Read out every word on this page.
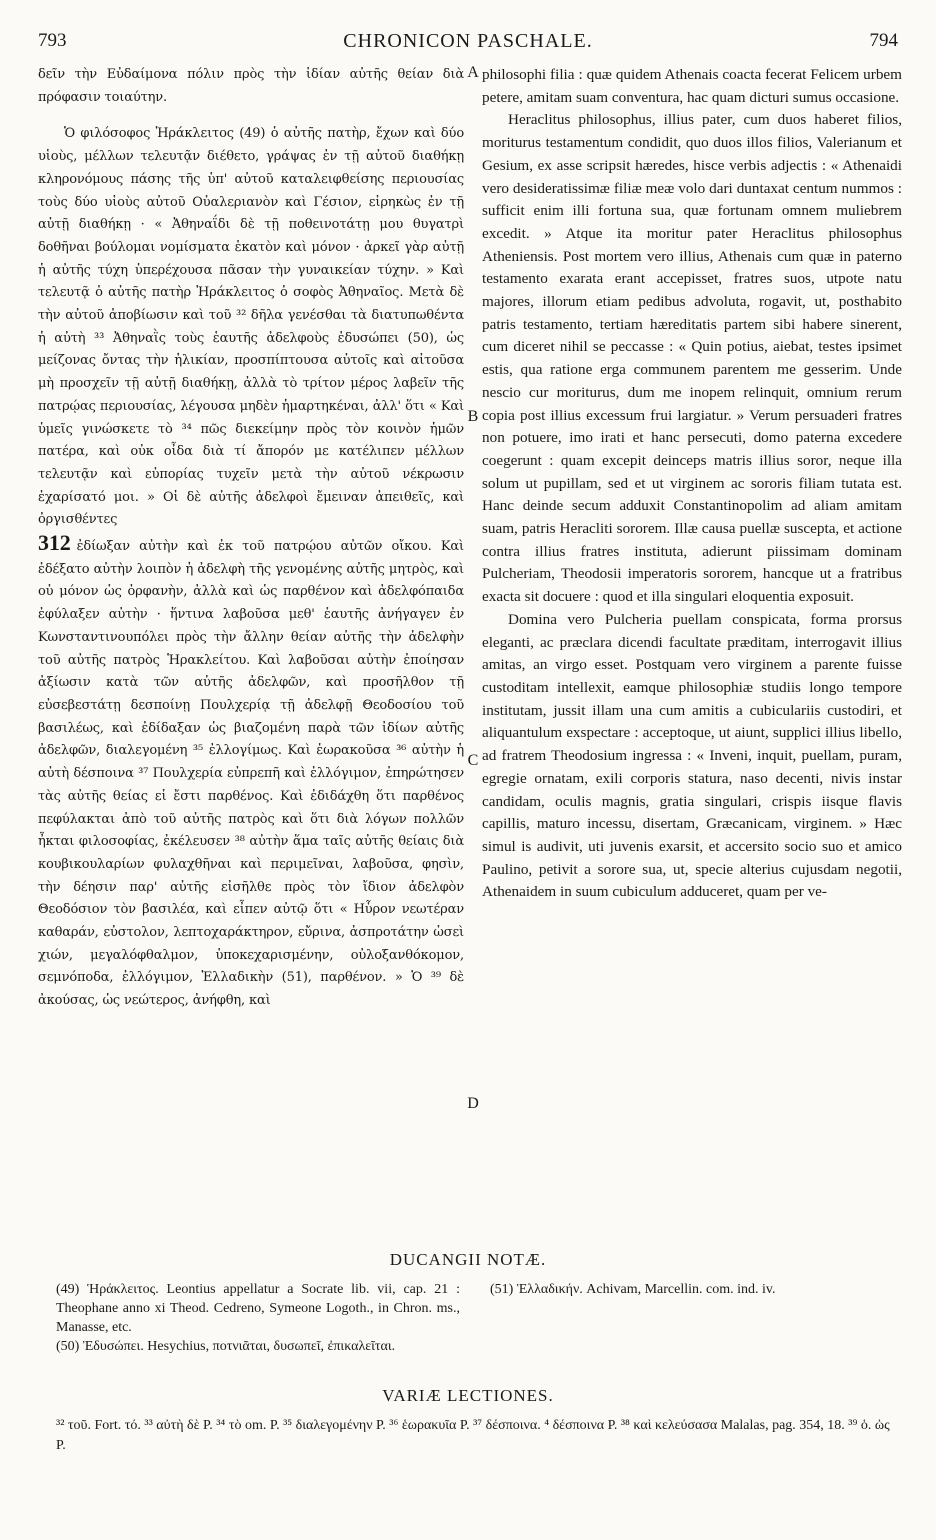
793	CHRONICON PASCHALE.	794

δεῖν τὴν Εὐδαίμονα πόλιν πρὸς τὴν ἰδίαν αὐτῆς θείαν διὰ πρόφασιν τοιαύτην.

Ὁ φιλόσοφος Ἡράκλειτος (49) ὁ αὐτῆς πατὴρ, ἔχων καὶ δύο υἱοὺς, μέλλων τελευτᾷν διέθετο, γράψας ἐν τῇ αὐτοῦ διαθήκῃ κληρονόμους πάσης τῆς ὑπ' αὐτοῦ καταλειφθείσης περιουσίας τοὺς δύο υἱοὺς αὐτοῦ Οὐαλεριανὸν καὶ Γέσιον, εἰρηκὼς ἐν τῇ αὐτῇ διαθήκῃ · « Ἀθηναΐδι δὲ τῇ ποθεινοτάτῃ μου θυγατρὶ δοθῆναι βούλομαι νομίσματα ἑκατὸν καὶ μόνον · ἀρκεῖ γὰρ αὐτῇ ἡ αὐτῆς τύχη ὑπερέχουσα πᾶσαν τὴν γυναικείαν τύχην. » Καὶ τελευτᾷ ὁ αὐτῆς πατὴρ Ἡράκλειτος ὁ σοφὸς Ἀθηναῖος. Μετὰ δὲ τὴν αὐτοῦ ἀποβίωσιν καὶ τοῦ ³² δῆλα γενέσθαι τὰ διατυπωθέντα ἡ αὐτὴ ³³ Ἀθηναῒς τοὺς ἑαυτῆς ἀδελφοὺς ἐδυσώπει (50), ὡς μείζονας ὄντας τὴν ἡλικίαν, προσπίπτουσα αὐτοῖς καὶ αἰτοῦσα μὴ προσχεῖν τῇ αὐτῇ διαθήκῃ, ἀλλὰ τὸ τρίτον μέρος λαβεῖν τῆς πατρῴας περιουσίας, λέγουσα μηδὲν ἡμαρτηκέναι, ἀλλ' ὅτι « Καὶ ὑμεῖς γινώσκετε τὸ ³⁴ πῶς διεκείμην πρὸς τὸν κοινὸν ἡμῶν πατέρα, καὶ οὐκ οἶδα διὰ τί ἄπορόν με κατέλιπεν μέλλων τελευτᾷν καὶ εὐπορίας τυχεῖν μετὰ τὴν αὐτοῦ νέκρωσιν ἐχαρίσατό μοι. » Οἱ δὲ αὐτῆς ἀδελφοὶ ἔμειναν ἀπειθεῖς, καὶ ὀργισθέντες

312 ἐδίωξαν αὐτὴν καὶ ἐκ τοῦ πατρῴου αὐτῶν οἴκου. Καὶ ἐδέξατο αὐτὴν λοιπὸν ἡ ἀδελφὴ τῆς γενομένης αὐτῆς μητρὸς, καὶ οὐ μόνον ὡς ὀρφανὴν, ἀλλὰ καὶ ὡς παρθένον καὶ ἀδελφόπαιδα ἐφύλαξεν αὐτὴν · ἥντινα λαβοῦσα μεθ' ἑαυτῆς ἀνήγαγεν ἐν Κωνσταντινουπόλει πρὸς τὴν ἄλλην θείαν αὐτῆς τὴν ἀδελφὴν τοῦ αὐτῆς πατρὸς Ἡρακλείτου. Καὶ λαβοῦσαι αὐτὴν ἐποίησαν ἀξίωσιν κατὰ τῶν αὐτῆς ἀδελφῶν, καὶ προσῆλθον τῇ εὐσεβεστάτῃ δεσποίνῃ Πουλχερίᾳ τῇ ἀδελφῇ Θεοδοσίου τοῦ βασιλέως, καὶ ἐδίδαξαν ὡς βιαζομένη παρὰ τῶν ἰδίων αὐτῆς ἀδελφῶν, διαλεγομένη ³⁵ ἐλλογίμως. Καὶ ἑωρακοῦσα ³⁶ αὐτὴν ἡ αὐτὴ δέσποινα ³⁷ Πουλχερία εὐπρεπῆ καὶ ἐλλόγιμον, ἐπηρώτησεν τὰς αὐτῆς θείας εἰ ἔστι παρθένος. Καὶ ἐδιδάχθη ὅτι παρθένος πεφύλακται ἀπὸ τοῦ αὐτῆς πατρὸς καὶ ὅτι διὰ λόγων πολλῶν ἦκται φιλοσοφίας, ἐκέλευσεν ³⁸ αὐτὴν ἅμα ταῖς αὐτῆς θείαις διὰ κουβικουλαρίων φυλαχθῆναι καὶ περιμεῖναι, λαβοῦσα, φησὶν, τὴν δέησιν παρ' αὐτῆς εἰσῆλθε πρὸς τὸν ἴδιον ἀδελφὸν Θεοδόσιον τὸν βασιλέα, καὶ εἶπεν αὐτῷ ὅτι « Ηὗρον νεωτέραν καθαράν, εὐστολον, λεπτοχαράκτηρον, εὔρινα, ἀσπροτάτην ὡσεὶ χιών, μεγαλόφθαλμον, ὑποκεχαρισμένην, οὐλοξανθόκομον, σεμνόποδα, ἐλλόγιμον, Ἑλλαδικὴν (51), παρθένον. » Ὁ ³⁹ δὲ ἀκούσας, ὡς νεώτερος, ἀνήφθη, καὶ

A
B
C
D

philosophi filia : quæ quidem Athenais coacta fecerat Felicem urbem petere, amitam suam conventura, hac quam dicturi sumus occasione.

Heraclitus philosophus, illius pater, cum duos haberet filios, moriturus testamentum condidit, quo duos illos filios, Valerianum et Gesium, ex asse scripsit hæredes, hisce verbis adjectis : « Athenaidi vero desideratissimæ filiæ meæ volo dari duntaxat centum nummos : sufficit enim illi fortuna sua, quæ fortunam omnem muliebrem excedit. » Atque ita moritur pater Heraclitus philosophus Atheniensis. Post mortem vero illius, Athenais cum quæ in paterno testamento exarata erant accepisset, fratres suos, utpote natu majores, illorum etiam pedibus advoluta, rogavit, ut, posthabito patris testamento, tertiam hæreditatis partem sibi habere sinerent, cum diceret nihil se peccasse : « Quin potius, aiebat, testes ipsimet estis, qua ratione erga communem parentem me gesserim. Unde nescio cur moriturus, dum me inopem relinquit, omnium rerum copia post illius excessum frui largiatur. » Verum persuaderi fratres non potuere, imo irati et hanc persecuti, domo paterna excedere coegerunt : quam excepit deinceps matris illius soror, neque illa solum ut pupillam, sed et ut virginem ac sororis filiam tutata est. Hanc deinde secum adduxit Constantinopolim ad aliam amitam suam, patris Heracliti sororem. Illæ causa puellæ suscepta, et actione contra illius fratres instituta, adierunt piissimam dominam Pulcheriam, Theodosii imperatoris sororem, hancque ut a fratribus exacta sit docuere : quod et illa singulari eloquentia exposuit.

Domina vero Pulcheria puellam conspicata, forma prorsus eleganti, ac præclara dicendi facultate præditam, interrogavit illius amitas, an virgo esset. Postquam vero virginem a parente fuisse custoditam intellexit, eamque philosophiæ studiis longo tempore institutam, jussit illam una cum amitis a cubiculariis custodiri, et aliquantulum exspectare : acceptoque, ut aiunt, supplici illius libello, ad fratrem Theodosium ingressa : « Inveni, inquit, puellam, puram, egregie ornatam, exili corporis statura, naso decenti, nivis instar candidam, oculis magnis, gratia singulari, crispis iisque flavis capillis, maturo incessu, disertam, Græcanicam, virginem. » Hæc simul is audivit, uti juvenis exarsit, et accersito socio suo et amico Paulino, petivit a sorore sua, ut, specie alterius cujusdam negotii, Athenaidem in suum cubiculum adduceret, quam per ve-

DUCANGII NOTÆ.

(49) Ἡράκλειτος. Leontius appellatur a Socrate lib. vii, cap. 21 : Theophane anno xi Theod. Cedreno, Symeone Logoth., in Chron. ms., Manasse, etc.

(50) Ἐδυσώπει. Hesychius, ποτνιᾶται, δυσωπεῖ, ἐπικαλεῖται.

(51) Ἑλλαδικήν. Achivam, Marcellin. com. ind. iv.

VARIÆ LECTIONES.
³² τοῦ. Fort. τό. ³³ αὐτὴ δὲ P. ³⁴ τὸ om. P. ³⁵ διαλεγομένην P. ³⁶ ἑωρακυῖα P. ³⁷ δέσποινα. ⁴ δέσποινα P. ³⁸ καὶ κελεύσασα Malalas, pag. 354, 18. ³⁹ ὁ. ὡς P.
